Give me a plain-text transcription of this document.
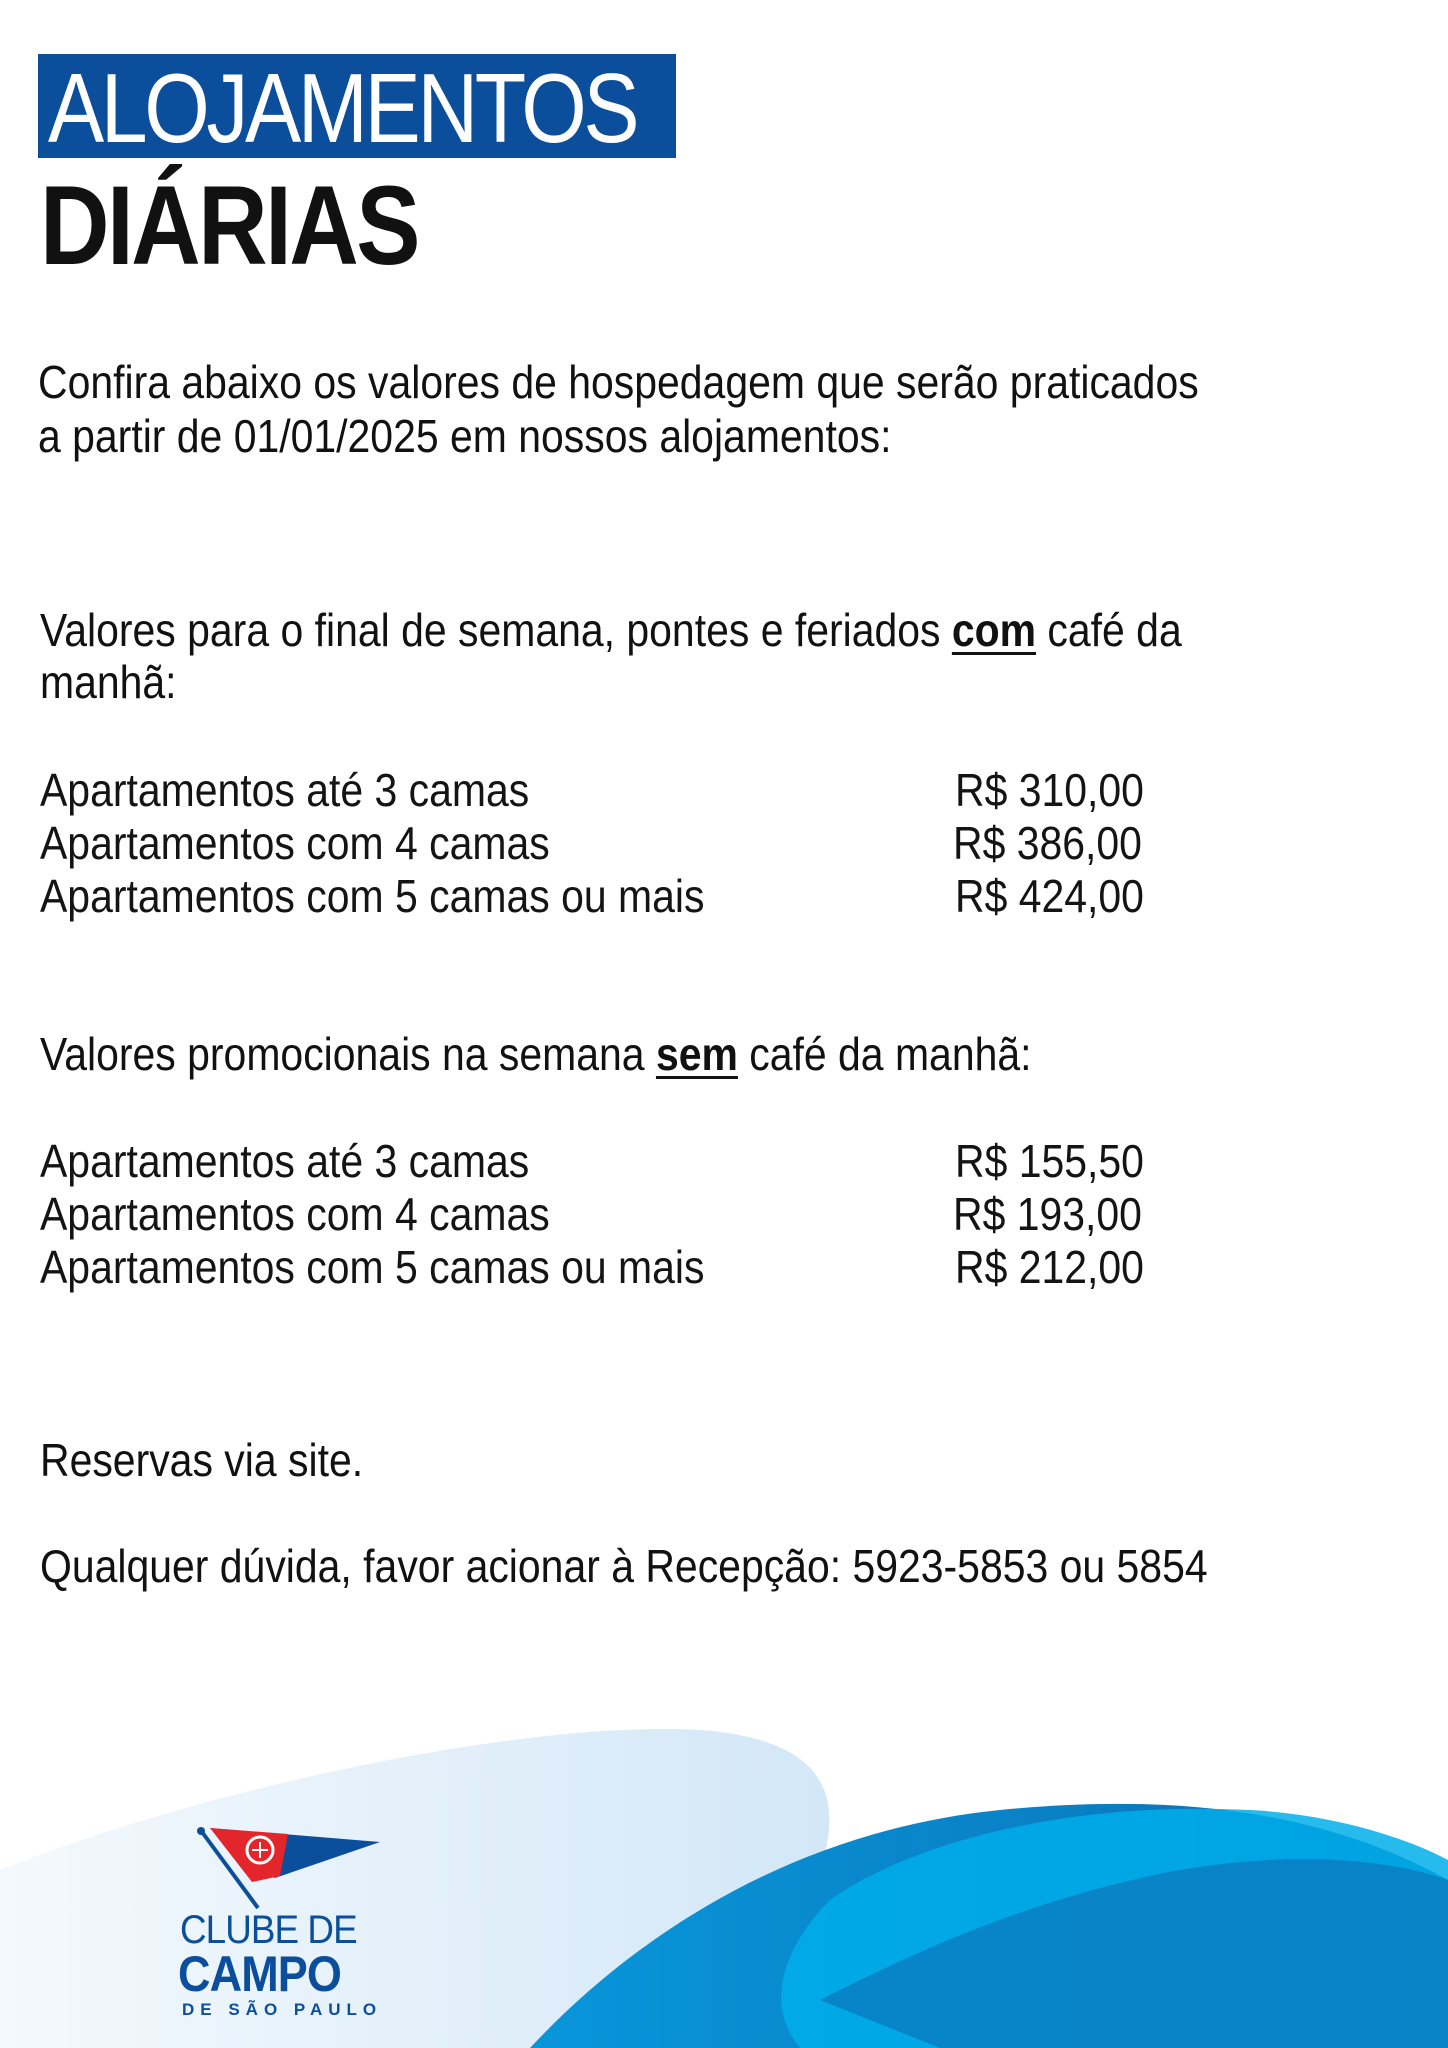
ALOJAMENTOS
DIÁRIAS
Confira abaixo os valores de hospedagem que serão praticados
a partir de 01/01/2025 em nossos alojamentos:
Valores para o final de semana, pontes e feriados com café da
manhã:
Apartamentos até 3 camas	R$ 310,00
Apartamentos com 4 camas	R$ 386,00
Apartamentos com 5 camas ou mais	R$ 424,00
Valores promocionais na semana sem café da manhã:
Apartamentos até 3 camas	R$ 155,50
Apartamentos com 4 camas	R$ 193,00
Apartamentos com 5 camas ou mais	R$ 212,00
Reservas via site.
Qualquer dúvida, favor acionar à Recepção: 5923-5853 ou 5854
CLUBE DE
CAMPO
DE SÃO PAULO
